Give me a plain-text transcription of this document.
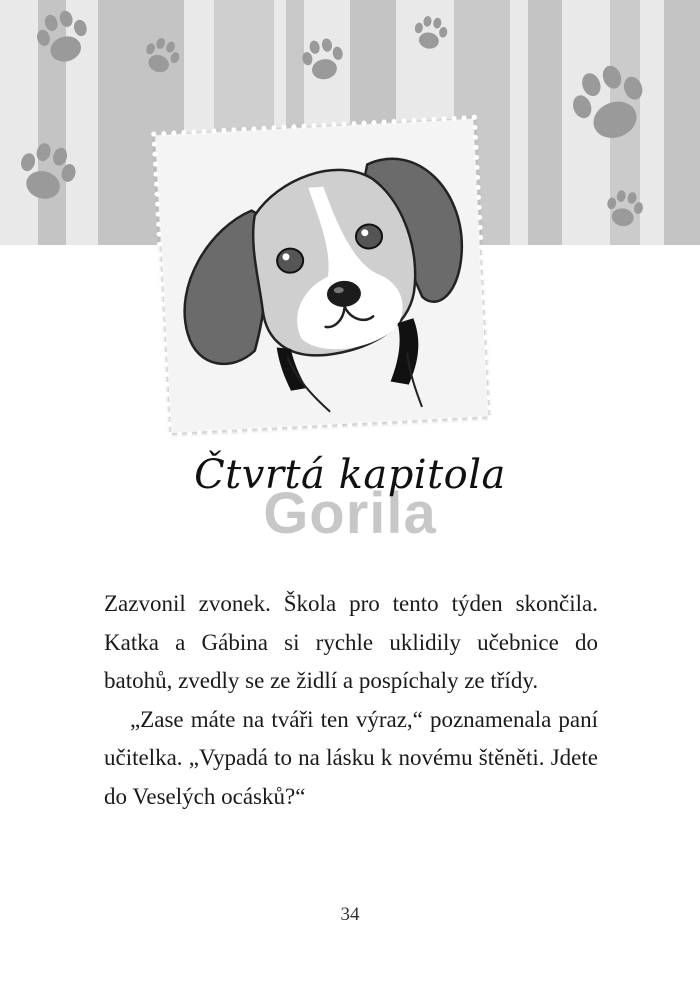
Čtvrtá kapitola
Gorila

Zazvonil zvonek. Škola pro tento týden skončila. Katka a Gábina si rychle uklidily učebnice do batohů, zvedly se ze židlí a pospíchaly ze třídy.

„Zase máte na tváři ten výraz,“ poznamenala paní učitelka. „Vypadá to na lásku k novému štěněti. Jdete do Veselých ocásků?“

34
